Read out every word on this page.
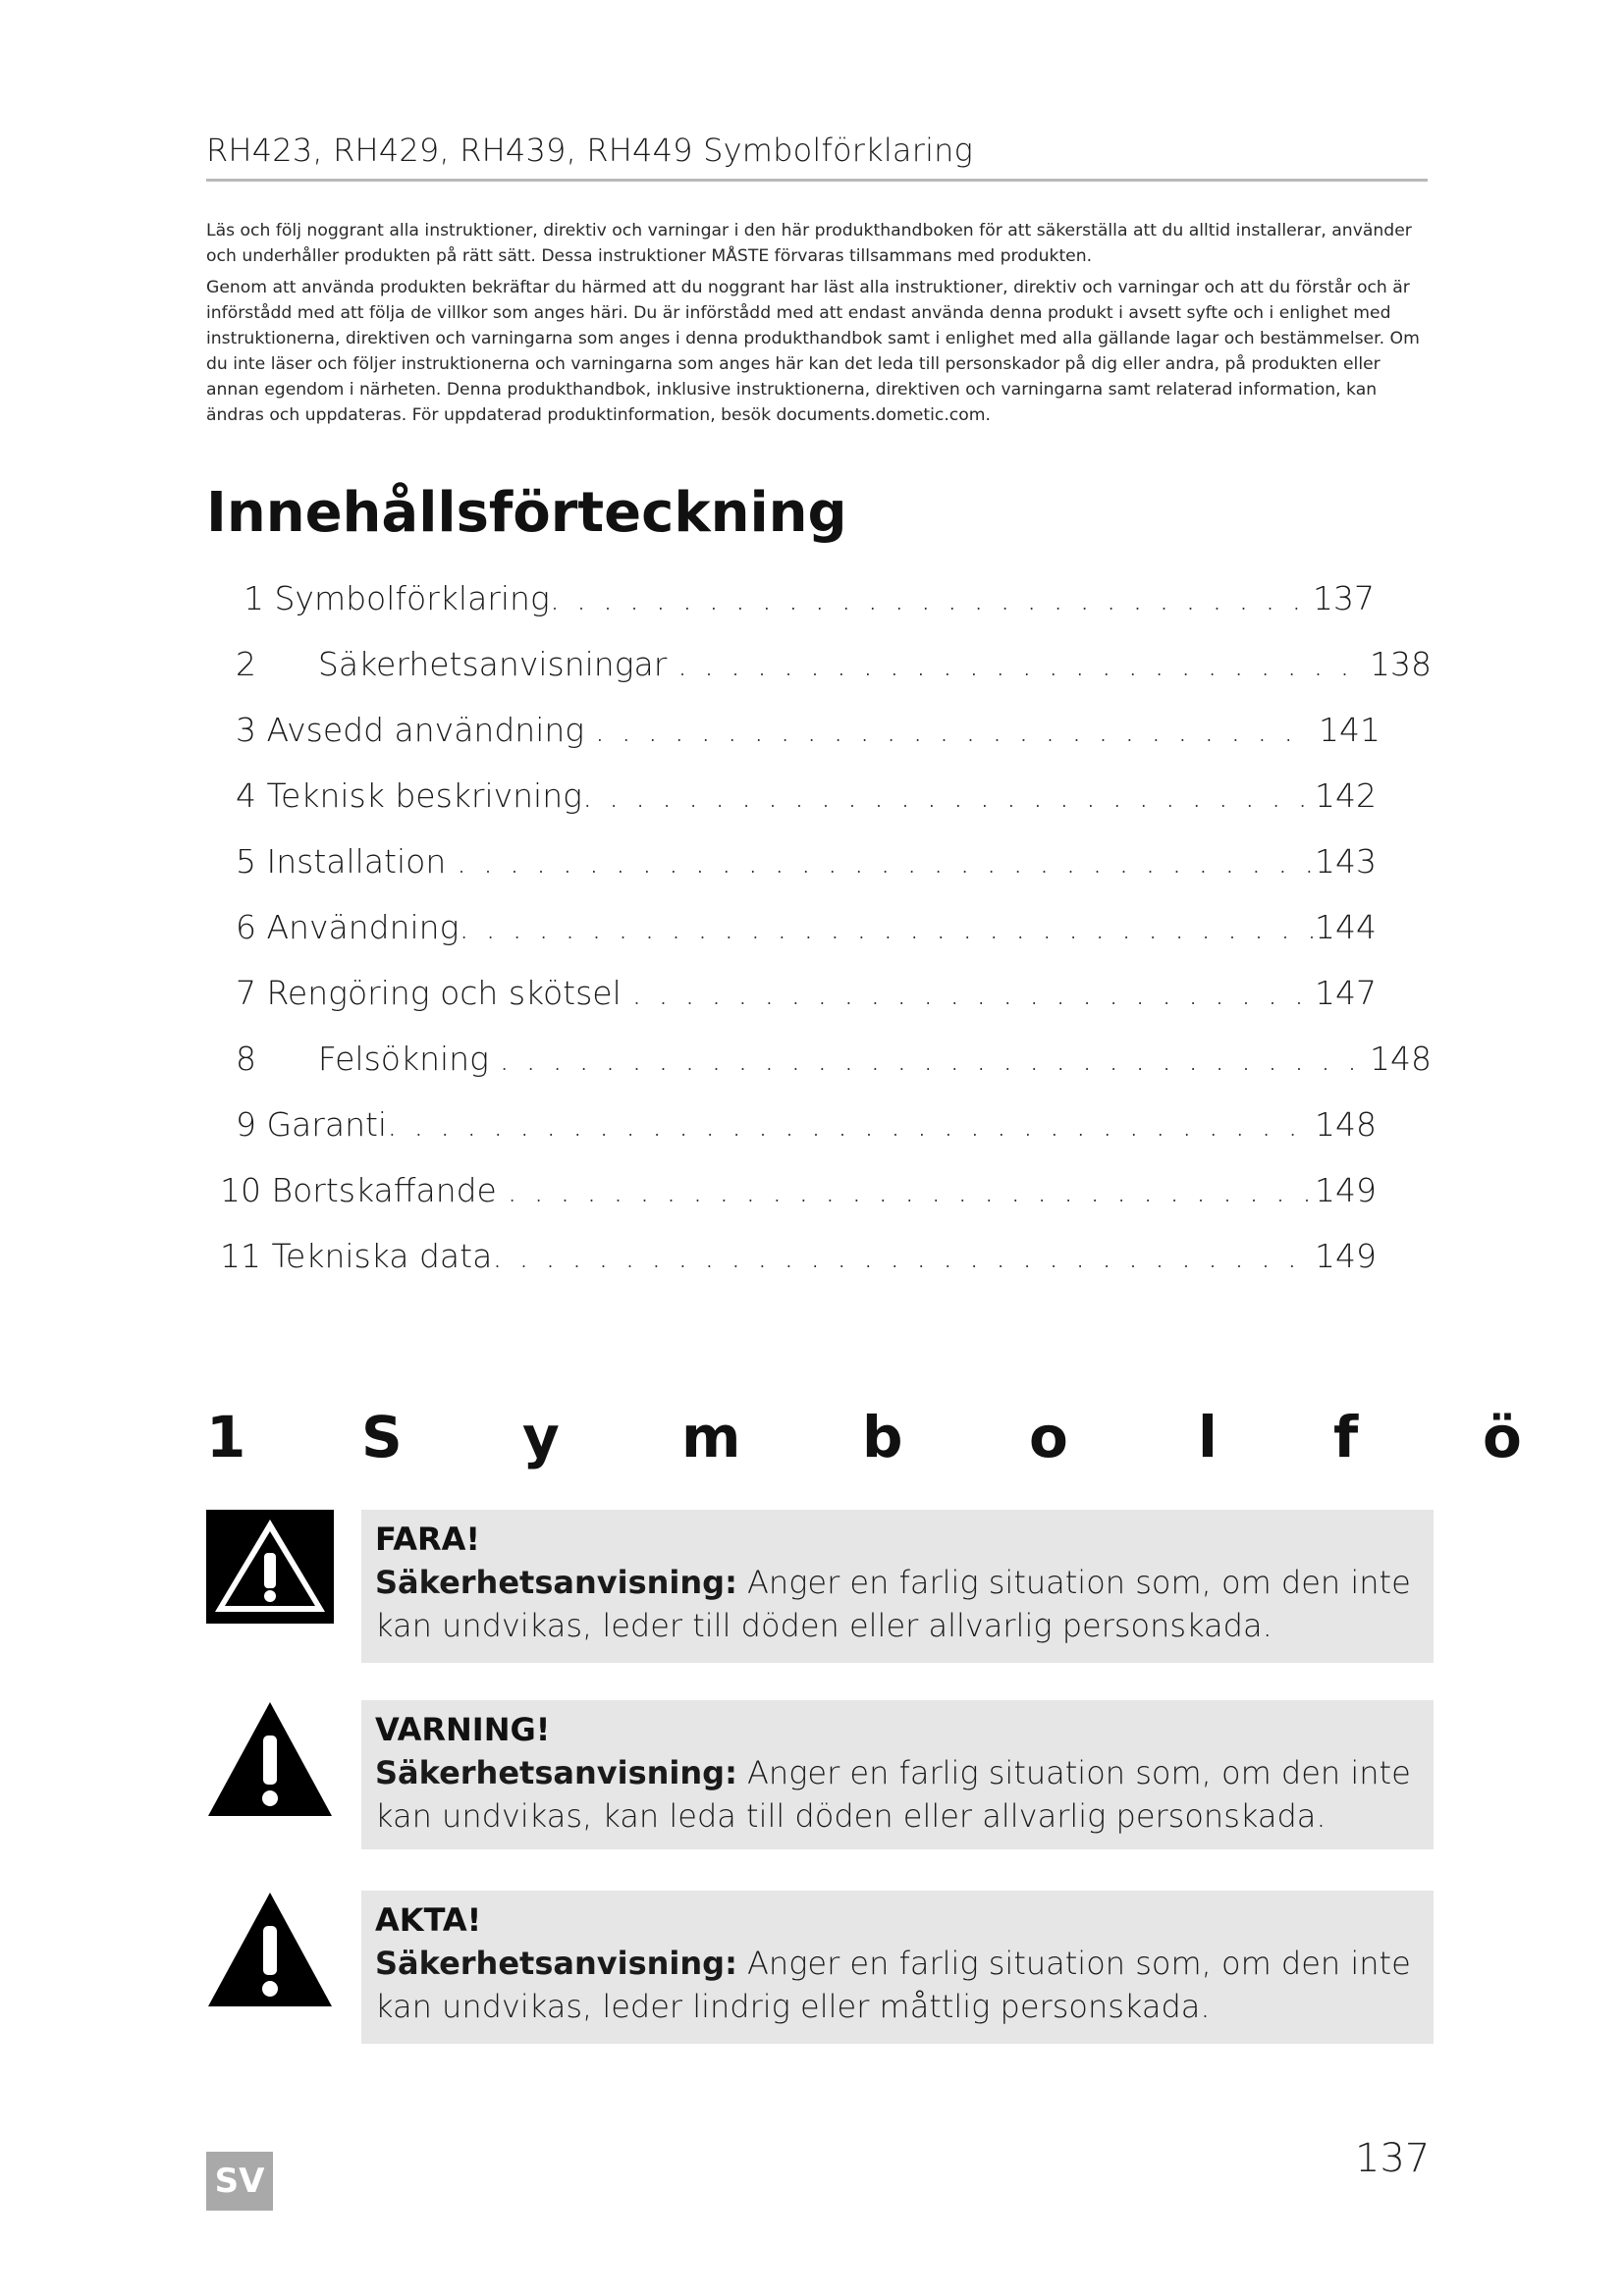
RH423, RH429, RH439, RH449 Symbolförklaring

Läs och följ noggrant alla instruktioner, direktiv och varningar i den här produkthandboken för att säkerställa att du alltid installerar, använder och underhåller produkten på rätt sätt. Dessa instruktioner MÅSTE förvaras tillsammans med produkten.

Genom att använda produkten bekräftar du härmed att du noggrant har läst alla instruktioner, direktiv och varningar och att du förstår och är införstådd med att följa de villkor som anges häri. Du är införstådd med att endast använda denna produkt i avsett syfte och i enlighet med instruktionerna, direktiven och varningarna som anges i denna produkthandbok samt i enlighet med alla gällande lagar och bestämmelser. Om du inte läser och följer instruktionerna och varningarna som anges här kan det leda till personskador på dig eller andra, på produkten eller annan egendom i närheten. Denna produkthandbok, inklusive instruktionerna, direktiven och varningarna samt relaterad information, kan ändras och uppdateras. För uppdaterad produktinformation, besök documents.dometic.com.

Innehållsförteckning
1 Symbolförklaring . . .	137
2      Säkerhetsanvisningar . . .	138
3 Avsedd användning . . .	141
4 Teknisk beskrivning . . .	142
5 Installation . . .	143
6 Användning . . .	144
7 Rengöring och skötsel . . .	147
8      Felsökning . . .	148
9 Garanti . . .	148
10 Bortskaffande . . .	149
11 Tekniska data . . .	149
1 S y m b o l f ö
FARA!
Säkerhetsanvisning: Anger en farlig situation som, om den inte kan undvikas, leder till döden eller allvarlig personskada.
VARNING!
Säkerhetsanvisning: Anger en farlig situation som, om den inte kan undvikas, kan leda till döden eller allvarlig personskada.
AKTA!
Säkerhetsanvisning: Anger en farlig situation som, om den inte kan undvikas, leder lindrig eller måttlig personskada.
SV	137
